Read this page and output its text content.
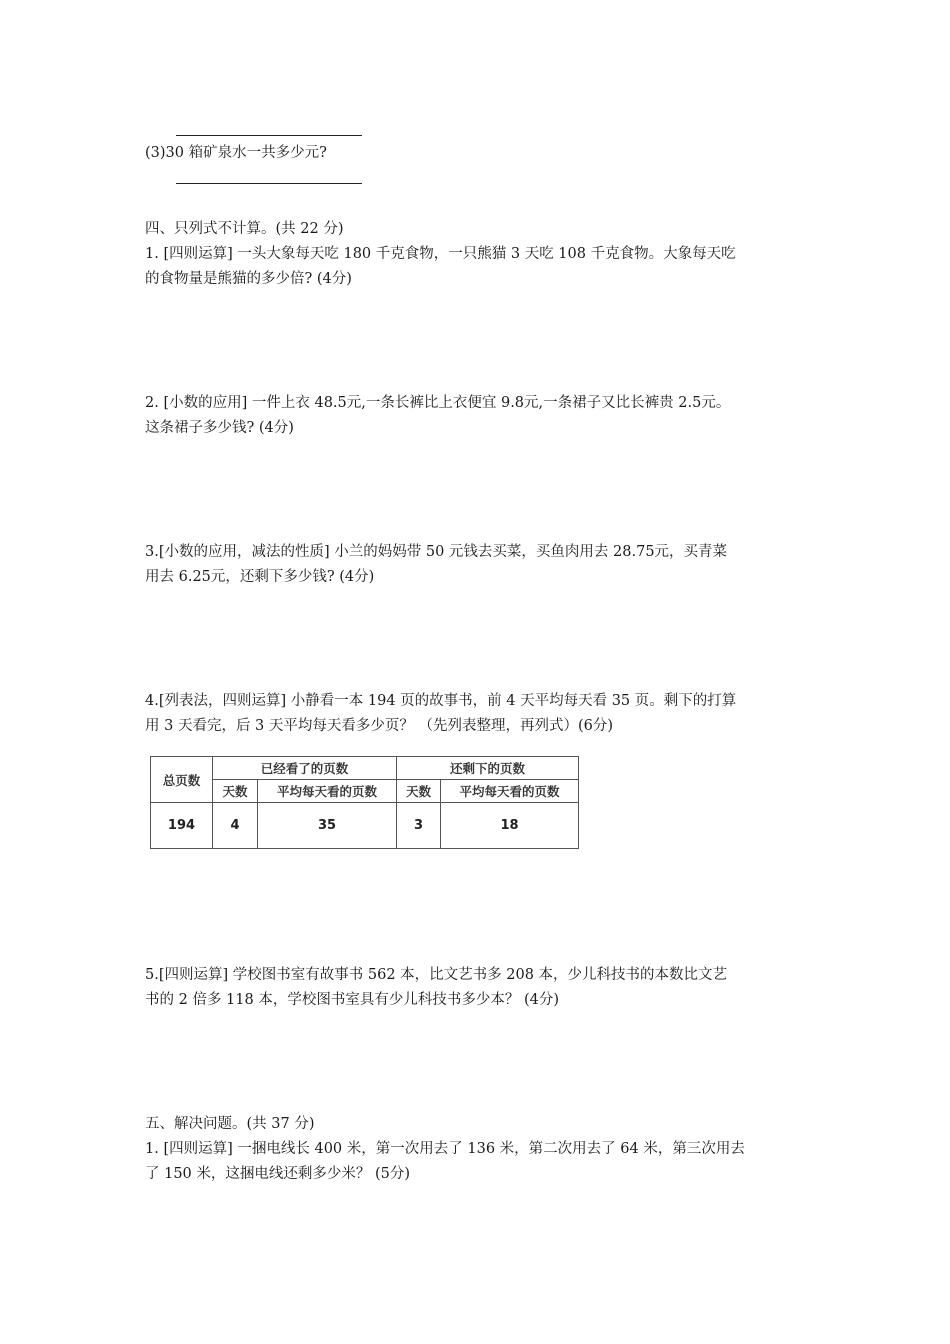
(3)30 箱矿泉水一共多少元?
四、只列式不计算。(共 22 分)
1. [四则运算] 一头大象每天吃 180 千克食物，一只熊猫 3 天吃 108 千克食物。大象每天吃
的食物量是熊猫的多少倍? (4分)
2. [小数的应用] 一件上衣 48.5元,一条长裤比上衣便宜 9.8元,一条裙子又比长裤贵 2.5元。
这条裙子多少钱? (4分)
3.[小数的应用，减法的性质] 小兰的妈妈带 50 元钱去买菜，买鱼肉用去 28.75元，买青菜
用去 6.25元，还剩下多少钱? (4分)
4.[列表法，四则运算] 小静看一本 194 页的故事书，前 4 天平均每天看 35 页。剩下的打算
用 3 天看完，后 3 天平均每天看多少页？ （先列表整理，再列式）(6分)
总页数	已经看了的页数		还剩下的页数	
	天数	平均每天看的页数	天数	平均每天看的页数
194	4	35	3	18
5.[四则运算] 学校图书室有故事书 562 本，比文艺书多 208 本，少儿科技书的本数比文艺
书的 2 倍多 118 本，学校图书室具有少儿科技书多少本？ (4分)
五、解决问题。(共 37 分)
1. [四则运算] 一捆电线长 400 米，第一次用去了 136 米，第二次用去了 64 米，第三次用去
了 150 米，这捆电线还剩多少米？ (5分)
